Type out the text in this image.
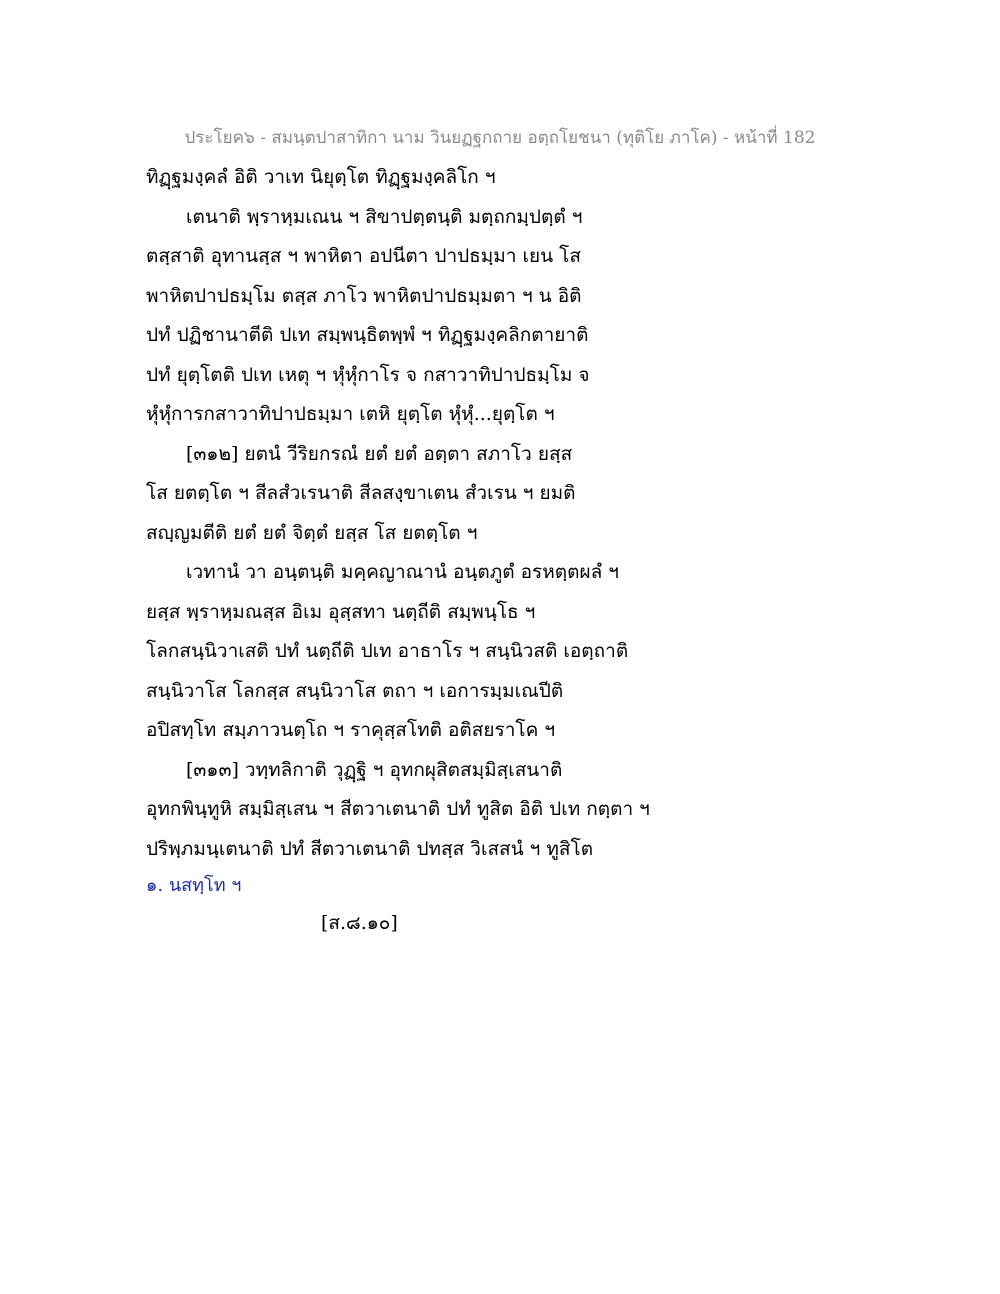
ประโยค๖ - สมนฺตปาสาทิกา นาม วินยฏฐกถาย อตฺถโยชนา (ทุติโย ภาโค) - หน้าที่ 182
ทิฏฺฐมงฺคลํ อิติ วาเท นิยุตฺโต ทิฏฺฐมงฺคลิโก ฯ
เตนาติ พฺราหฺมเณน ฯ สิขาปตฺตนฺติ มตฺถกมฺปตฺตํ ฯ
ตสฺสาติ อุทานสฺส ฯ พาหิตา อปนีตา ปาปธมฺมา เยน โส
พาหิตปาปธมฺโม ตสฺส ภาโว พาหิตปาปธมฺมตา ฯ น อิติ
ปทํ ปฏิชานาตีติ ปเท สมฺพนฺธิตพฺพํ ฯ ทิฏฺฐมงฺคลิกตายาติ
ปทํ ยุตฺโตติ ปเท เหตุ ฯ หุํหุํกาโร จ กสาวาทิปาปธมฺโม จ
หุํหุํการกสาวาทิปาปธมฺมา เตหิ ยุตฺโต หุํหุํ...ยุตฺโต ฯ
[๓๑๒] ยตนํ วีริยกรณํ ยตํ ยตํ อตฺตา สภาโว ยสฺส
โส ยตตฺโต ฯ สีลสํวเรนาติ สีลสงฺขาเตน สํวเรน ฯ ยมติ
สญฺญมตีติ ยตํ ยตํ จิตฺตํ ยสฺส โส ยตตฺโต ฯ
เวทานํ วา อนฺตนฺติ มคฺคญาณานํ อนฺตภูตํ อรหตฺตผลํ ฯ
ยสฺส พฺราหฺมณสฺส อิเม อุสฺสทา นตฺถีติ สมฺพนฺโธ ฯ
โลกสนฺนิวาเสติ ปทํ นตฺถีติ ปเท อาธาโร ฯ สนฺนิวสติ เอตฺถาติ
สนฺนิวาโส โลกสฺส สนฺนิวาโส ตถา ฯ เอการมฺมเณปีติ
อปิสทฺโท สมฺภาวนตฺโถ ฯ ราคุสฺสโทติ อติสยราโค ฯ
[๓๑๓] วทฺทลิกาติ วุฏฺฐิ ฯ อุทกผุสิตสมฺมิสฺเสนาติ
อุทกพินฺทูหิ สมฺมิสฺเสน ฯ สีตวาเตนาติ ปทํ ทูสิต อิติ ปเท กตฺตา ฯ
ปริพฺภมนฺเตนาติ ปทํ สีตวาเตนาติ ปทสฺส วิเสสนํ ฯ ทูสิโต
๑. นสทฺโท ฯ
[ส.๘.๑๐]
